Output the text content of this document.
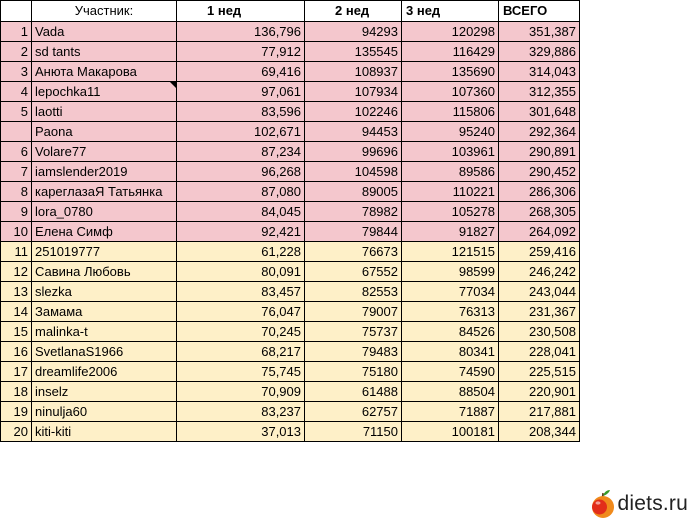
	Участник:	1 нед	2 нед	3 нед	ВСЕГО
1	Vada	136,796	94293	120298	351,387
2	sd tants	77,912	135545	116429	329,886
3	Анюта Макарова	69,416	108937	135690	314,043
4	lepochka11	97,061	107934	107360	312,355
5	laotti	83,596	102246	115806	301,648
	Paona	102,671	94453	95240	292,364
6	Volare77	87,234	99696	103961	290,891
7	iamslender2019	96,268	104598	89586	290,452
8	карeглазаЯ Татьянка	87,080	89005	110221	286,306
9	lora_0780	84,045	78982	105278	268,305
10	Елена Симф	92,421	79844	91827	264,092
11	251019777	61,228	76673	121515	259,416
12	Савина Любовь	80,091	67552	98599	246,242
13	slezka	83,457	82553	77034	243,044
14	Замама	76,047	79007	76313	231,367
15	malinka-t	70,245	75737	84526	230,508
16	SvetlanaS1966	68,217	79483	80341	228,041
17	dreamlife2006	75,745	75180	74590	225,515
18	inselz	70,909	61488	88504	220,901
19	ninulja60	83,237	62757	71887	217,881
20	kiti-kiti	37,013	71150	100181	208,344
diets.ru
